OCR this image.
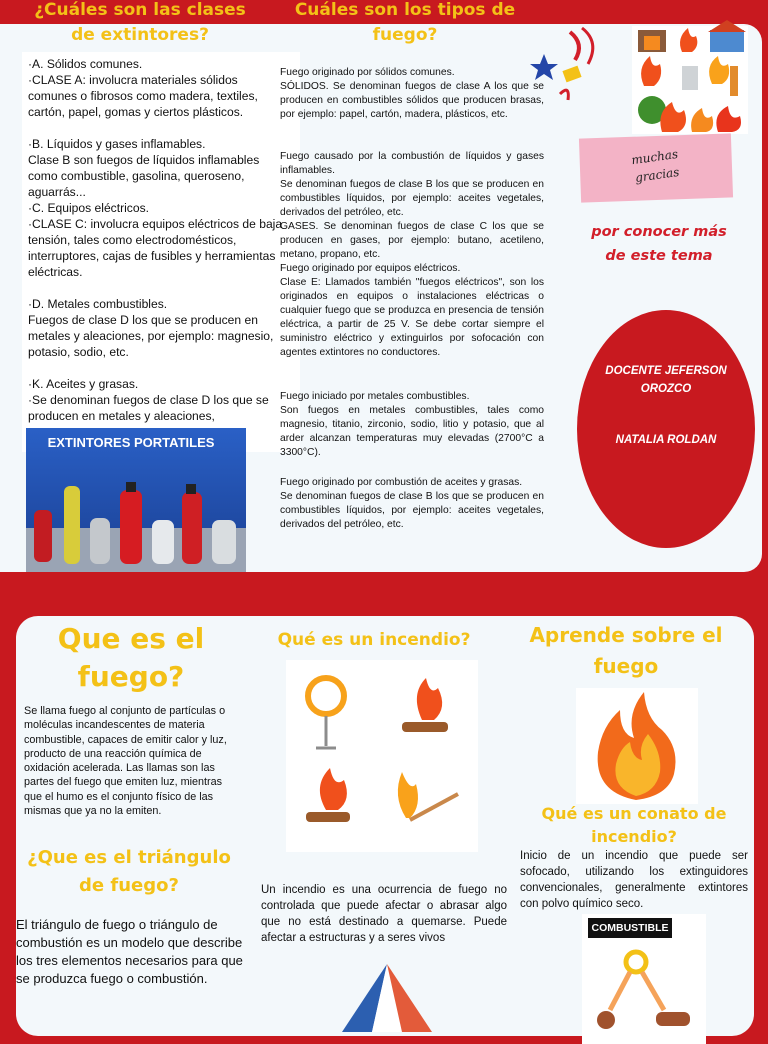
·A. Sólidos comunes.
·CLASE A: involucra materiales sólidos comunes o fibrosos como madera, textiles, cartón, papel, gomas y ciertos plásticos.

·B. Líquidos y gases inflamables.
Clase B son fuegos de líquidos inflamables como combustible, gasolina, queroseno, aguarrás...
·C. Equipos eléctricos.
·CLASE C: involucra equipos eléctricos de baja tensión, tales como electrodomésticos, interruptores, cajas de fusibles y herramientas eléctricas.

·D. Metales combustibles.
Fuegos de clase D los que se producen en metales y aleaciones, por ejemplo: magnesio, potasio, sodio, etc.

·K. Aceites y grasas.
·Se denominan fuegos de clase D los que se producen en metales y aleaciones,
EXTINTORES PORTATILES
¿Cuáles son las clases
de extintores?
Cuáles son los tipos de
fuego?
Fuego originado por sólidos comunes.
SÓLIDOS. Se denominan fuegos de clase A los que se producen en combustibles sólidos que producen brasas, por ejemplo: papel, cartón, madera, plásticos, etc.
Fuego causado por la combustión de líquidos y gases inflamables.
Se denominan fuegos de clase B los que se producen en combustibles líquidos, por ejemplo: aceites vegetales, derivados del petróleo, etc.
GASES. Se denominan fuegos de clase C los que se producen en gases, por ejemplo: butano, acetileno, metano, propano, etc.
Fuego originado por equipos eléctricos.
Clase E: Llamados también "fuegos eléctricos", son los originados en equipos o instalaciones eléctricas o cualquier fuego que se produzca en presencia de tensión eléctrica, a partir de 25 V. Se debe cortar siempre el suministro eléctrico y extinguirlos por sofocación con agentes extintores no conductores.
Fuego iniciado por metales combustibles.
Son fuegos en metales combustibles, tales como magnesio, titanio, zirconio, sodio, litio y potasio, que al arder alcanzan temperaturas muy elevadas (2700°C a 3300°C).
Fuego originado por combustión de aceites y grasas.
Se denominan fuegos de clase B los que se producen en combustibles líquidos, por ejemplo: aceites vegetales, derivados del petróleo, etc.
muchas
gracias
por conocer más
de este tema
DOCENTE JEFERSON
OROZCO
NATALIA ROLDAN
Que es el
fuego?
Se llama fuego al conjunto de partículas o moléculas incandescentes de materia combustible, capaces de emitir calor y luz, producto de una reacción química de oxidación acelerada. Las llamas son las partes del fuego que emiten luz, mientras que el humo es el conjunto físico de las mismas que ya no la emiten.
¿Que es el triángulo
de fuego?
El triángulo de fuego o triángulo de combustión es un modelo que describe los tres elementos necesarios para que se produzca fuego o combustión.
Qué es un incendio?
Un incendio es una ocurrencia de fuego no controlada que puede afectar o abrasar algo que no está destinado a quemarse. Puede afectar a estructuras y a seres vivos
Aprende sobre el
fuego
Qué es un conato de
incendio?
Inicio de un incendio que puede ser sofocado, utilizando los extinguidores convencionales, generalmente extintores con polvo químico seco.
COMBUSTIBLE
